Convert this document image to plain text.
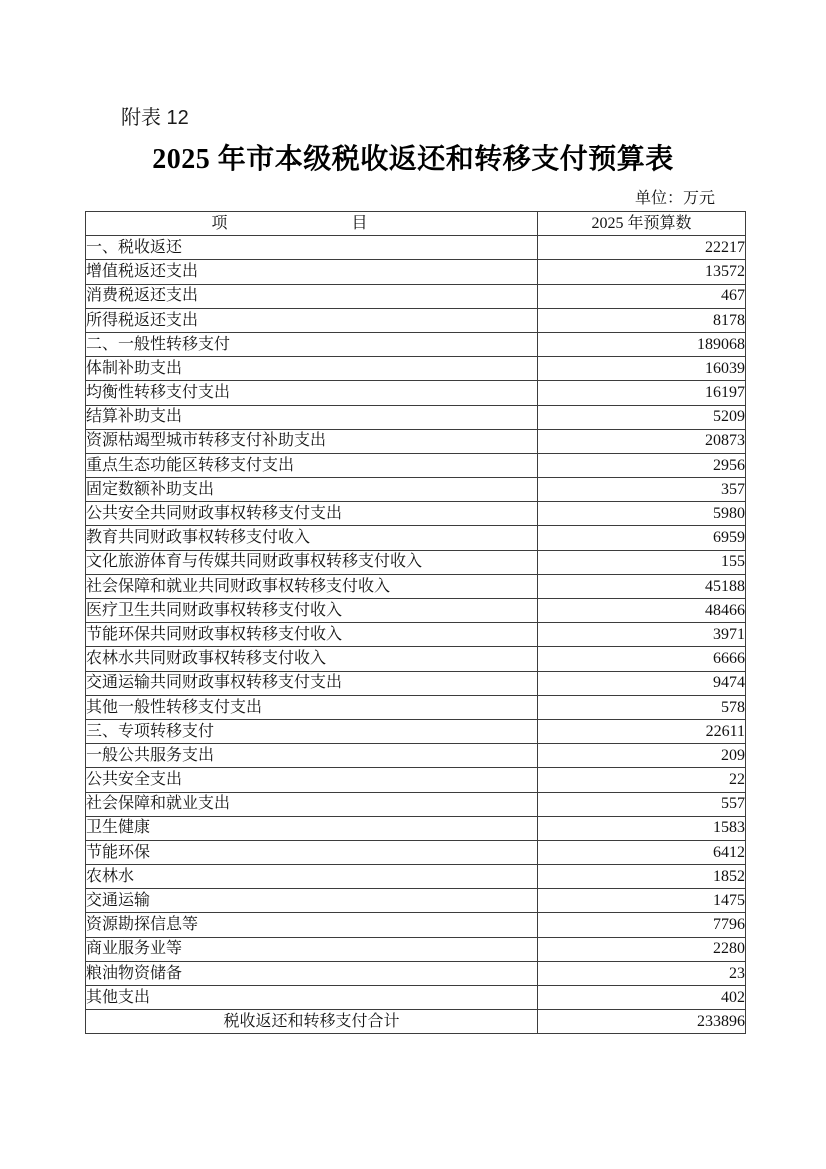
附表 12
2025 年市本级税收返还和转移支付预算表
单位：万元
项 目	2025 年预算数
一、税收返还	22217
增值税返还支出	13572
消费税返还支出	467
所得税返还支出	8178
二、一般性转移支付	189068
体制补助支出	16039
均衡性转移支付支出	16197
结算补助支出	5209
资源枯竭型城市转移支付补助支出	20873
重点生态功能区转移支付支出	2956
固定数额补助支出	357
公共安全共同财政事权转移支付支出	5980
教育共同财政事权转移支付收入	6959
文化旅游体育与传媒共同财政事权转移支付收入	155
社会保障和就业共同财政事权转移支付收入	45188
医疗卫生共同财政事权转移支付收入	48466
节能环保共同财政事权转移支付收入	3971
农林水共同财政事权转移支付收入	6666
交通运输共同财政事权转移支付支出	9474
其他一般性转移支付支出	578
三、专项转移支付	22611
一般公共服务支出	209
公共安全支出	22
社会保障和就业支出	557
卫生健康	1583
节能环保	6412
农林水	1852
交通运输	1475
资源勘探信息等	7796
商业服务业等	2280
粮油物资储备	23
其他支出	402
税收返还和转移支付合计	233896
